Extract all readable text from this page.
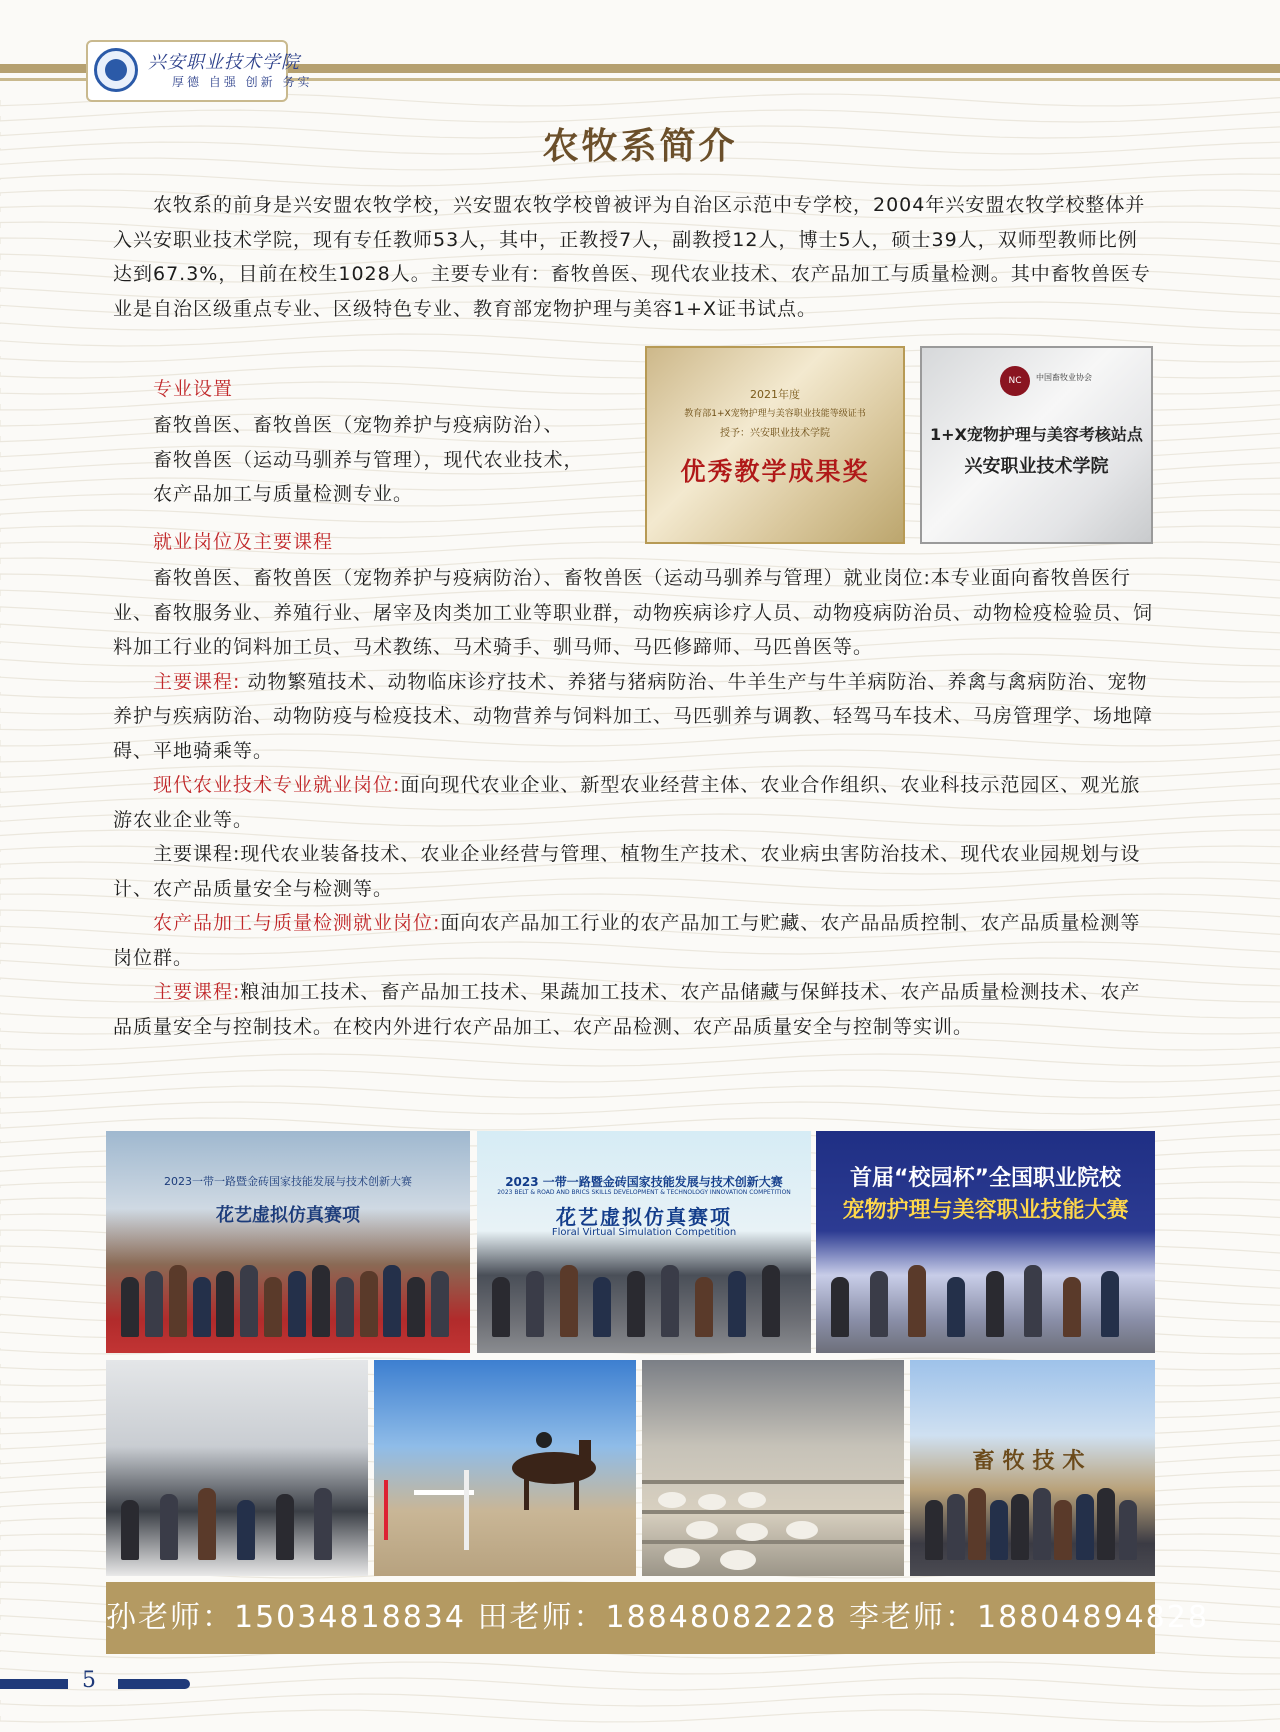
兴安职业技术学院
厚德 自强 创新 务实
农牧系简介
农牧系的前身是兴安盟农牧学校，兴安盟农牧学校曾被评为自治区示范中专学校，2004年兴安盟农牧学校整体并入兴安职业技术学院，现有专任教师53人，其中，正教授7人，副教授12人，博士5人，硕士39人，双师型教师比例达到67.3%，目前在校生1028人。主要专业有：畜牧兽医、现代农业技术、农产品加工与质量检测。其中畜牧兽医专业是自治区级重点专业、区级特色专业、教育部宠物护理与美容1+X证书试点。
专业设置
畜牧兽医、畜牧兽医（宠物养护与疫病防治）、
畜牧兽医（运动马驯养与管理），现代农业技术，
农产品加工与质量检测专业。
2021年度
教育部1+X宠物护理与美容职业技能等级证书
授予：兴安职业技术学院
优秀教学成果奖
NC	中国畜牧业协会
1+X宠物护理与美容考核站点
兴安职业技术学院
就业岗位及主要课程
畜牧兽医、畜牧兽医（宠物养护与疫病防治）、畜牧兽医（运动马驯养与管理）就业岗位:本专业面向畜牧兽医行业、畜牧服务业、养殖行业、屠宰及肉类加工业等职业群，动物疾病诊疗人员、动物疫病防治员、动物检疫检验员、饲料加工行业的饲料加工员、马术教练、马术骑手、驯马师、马匹修蹄师、马匹兽医等。
主要课程: 动物繁殖技术、动物临床诊疗技术、养猪与猪病防治、牛羊生产与牛羊病防治、养禽与禽病防治、宠物养护与疾病防治、动物防疫与检疫技术、动物营养与饲料加工、马匹驯养与调教、轻驾马车技术、马房管理学、场地障碍、平地骑乘等。
现代农业技术专业就业岗位:面向现代农业企业、新型农业经营主体、农业合作组织、农业科技示范园区、观光旅游农业企业等。
主要课程:现代农业装备技术、农业企业经营与管理、植物生产技术、农业病虫害防治技术、现代农业园规划与设计、农产品质量安全与检测等。
农产品加工与质量检测就业岗位:面向农产品加工行业的农产品加工与贮藏、农产品品质控制、农产品质量检测等岗位群。
主要课程:粮油加工技术、畜产品加工技术、果蔬加工技术、农产品储藏与保鲜技术、农产品质量检测技术、农产品质量安全与控制技术。在校内外进行农产品加工、农产品检测、农产品质量安全与控制等实训。
2023一带一路暨金砖国家技能发展与技术创新大赛
花艺虚拟仿真赛项
2023 一带一路暨金砖国家技能发展与技术创新大赛
2023 BELT & ROAD AND BRICS SKILLS DEVELOPMENT & TECHNOLOGY INNOVATION COMPETITION
花艺虚拟仿真赛项
Floral Virtual Simulation Competition
首届“校园杯”全国职业院校
宠物护理与美容职业技能大赛
畜牧技术
孙老师：15034818834 田老师：18848082228 李老师：18804894828
5
